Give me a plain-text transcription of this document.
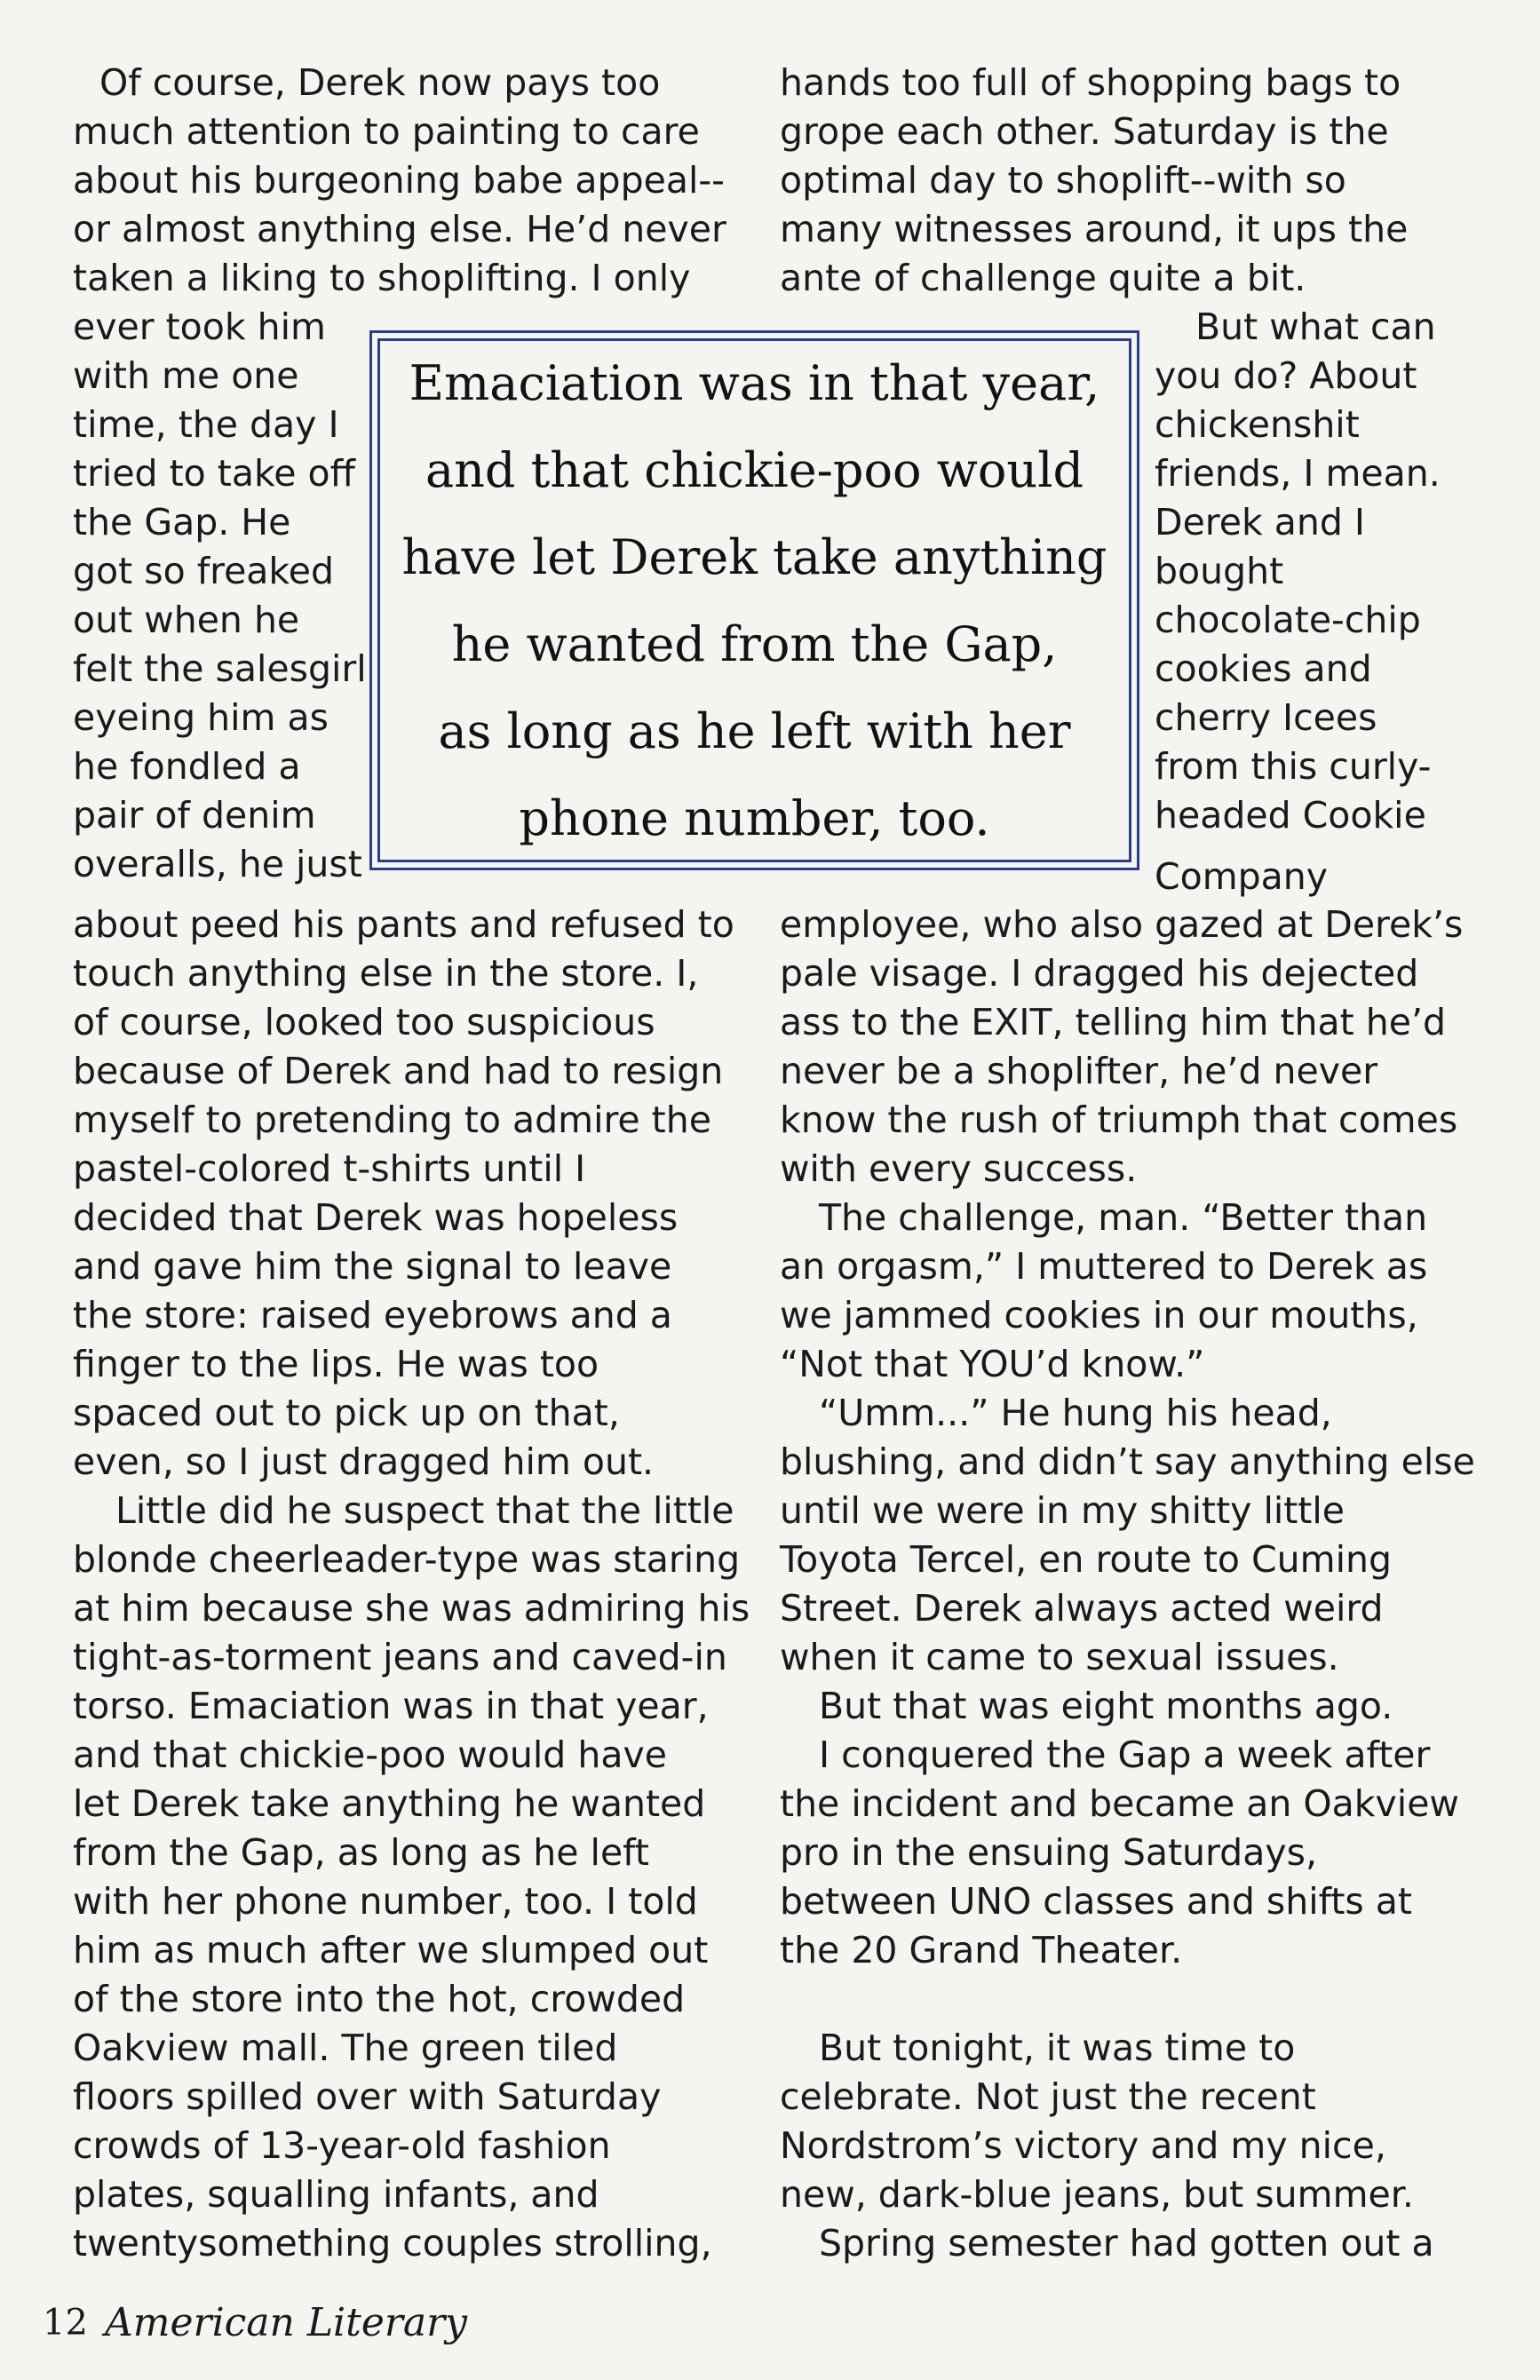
Of course, Derek now pays too
much attention to painting to care
about his burgeoning babe appeal--
or almost anything else. He’d never
taken a liking to shoplifting. I only
ever took him
with me one
time, the day I
tried to take off
the Gap. He
got so freaked
out when he
felt the salesgirl
eyeing him as
he fondled a
pair of denim
overalls, he just
about peed his pants and refused to
touch anything else in the store. I,
of course, looked too suspicious
because of Derek and had to resign
myself to pretending to admire the
pastel-colored t-shirts until I
decided that Derek was hopeless
and gave him the signal to leave
the store: raised eyebrows and a
finger to the lips. He was too
spaced out to pick up on that,
even, so I just dragged him out.
Little did he suspect that the little
blonde cheerleader-type was staring
at him because she was admiring his
tight-as-torment jeans and caved-in
torso. Emaciation was in that year,
and that chickie-poo would have
let Derek take anything he wanted
from the Gap, as long as he left
with her phone number, too. I told
him as much after we slumped out
of the store into the hot, crowded
Oakview mall. The green tiled
floors spilled over with Saturday
crowds of 13-year-old fashion
plates, squalling infants, and
twentysomething couples strolling,
hands too full of shopping bags to
grope each other. Saturday is the
optimal day to shoplift--with so
many witnesses around, it ups the
ante of challenge quite a bit.
But what can
you do? About
chickenshit
friends, I mean.
Derek and I
bought
chocolate-chip
cookies and
cherry Icees
from this curly-
headed Cookie
Company
employee, who also gazed at Derek’s
pale visage. I dragged his dejected
ass to the EXIT, telling him that he’d
never be a shoplifter, he’d never
know the rush of triumph that comes
with every success.
The challenge, man. “Better than
an orgasm,” I muttered to Derek as
we jammed cookies in our mouths,
“Not that YOU’d know.”
“Umm...” He hung his head,
blushing, and didn’t say anything else
until we were in my shitty little
Toyota Tercel, en route to Cuming
Street. Derek always acted weird
when it came to sexual issues.
But that was eight months ago.
I conquered the Gap a week after
the incident and became an Oakview
pro in the ensuing Saturdays,
between UNO classes and shifts at
the 20 Grand Theater.
But tonight, it was time to
celebrate. Not just the recent
Nordstrom’s victory and my nice,
new, dark-blue jeans, but summer.
Spring semester had gotten out a
Emaciation was in that year,
and that chickie-poo would
have let Derek take anything
he wanted from the Gap,
as long as he left with her
phone number, too.
12 American Literary
